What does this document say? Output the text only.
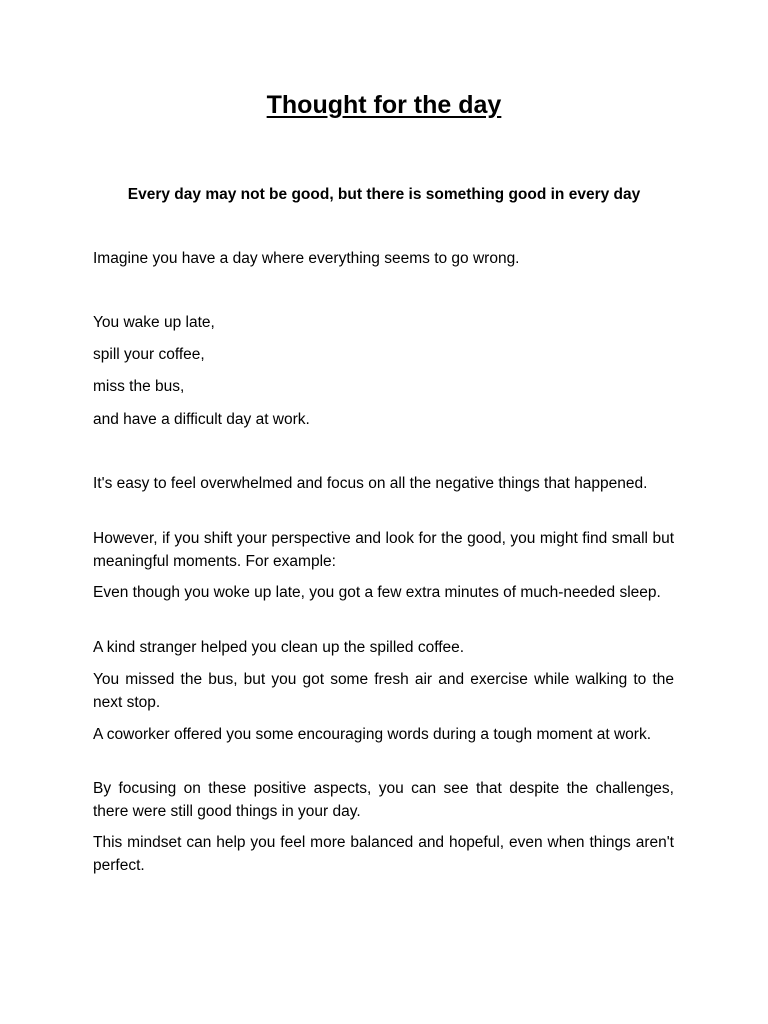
Thought for the day

Every day may not be good, but there is something good in every day

Imagine you have a day where everything seems to go wrong.

You wake up late,

spill your coffee,

miss the bus,

and have a difficult day at work.

It's easy to feel overwhelmed and focus on all the negative things that happened.

However, if you shift your perspective and look for the good, you might find small but meaningful moments. For example:

Even though you woke up late, you got a few extra minutes of much-needed sleep.

A kind stranger helped you clean up the spilled coffee.

You missed the bus, but you got some fresh air and exercise while walking to the next stop.

A coworker offered you some encouraging words during a tough moment at work.

By focusing on these positive aspects, you can see that despite the challenges, there were still good things in your day.

This mindset can help you feel more balanced and hopeful, even when things aren't perfect.
